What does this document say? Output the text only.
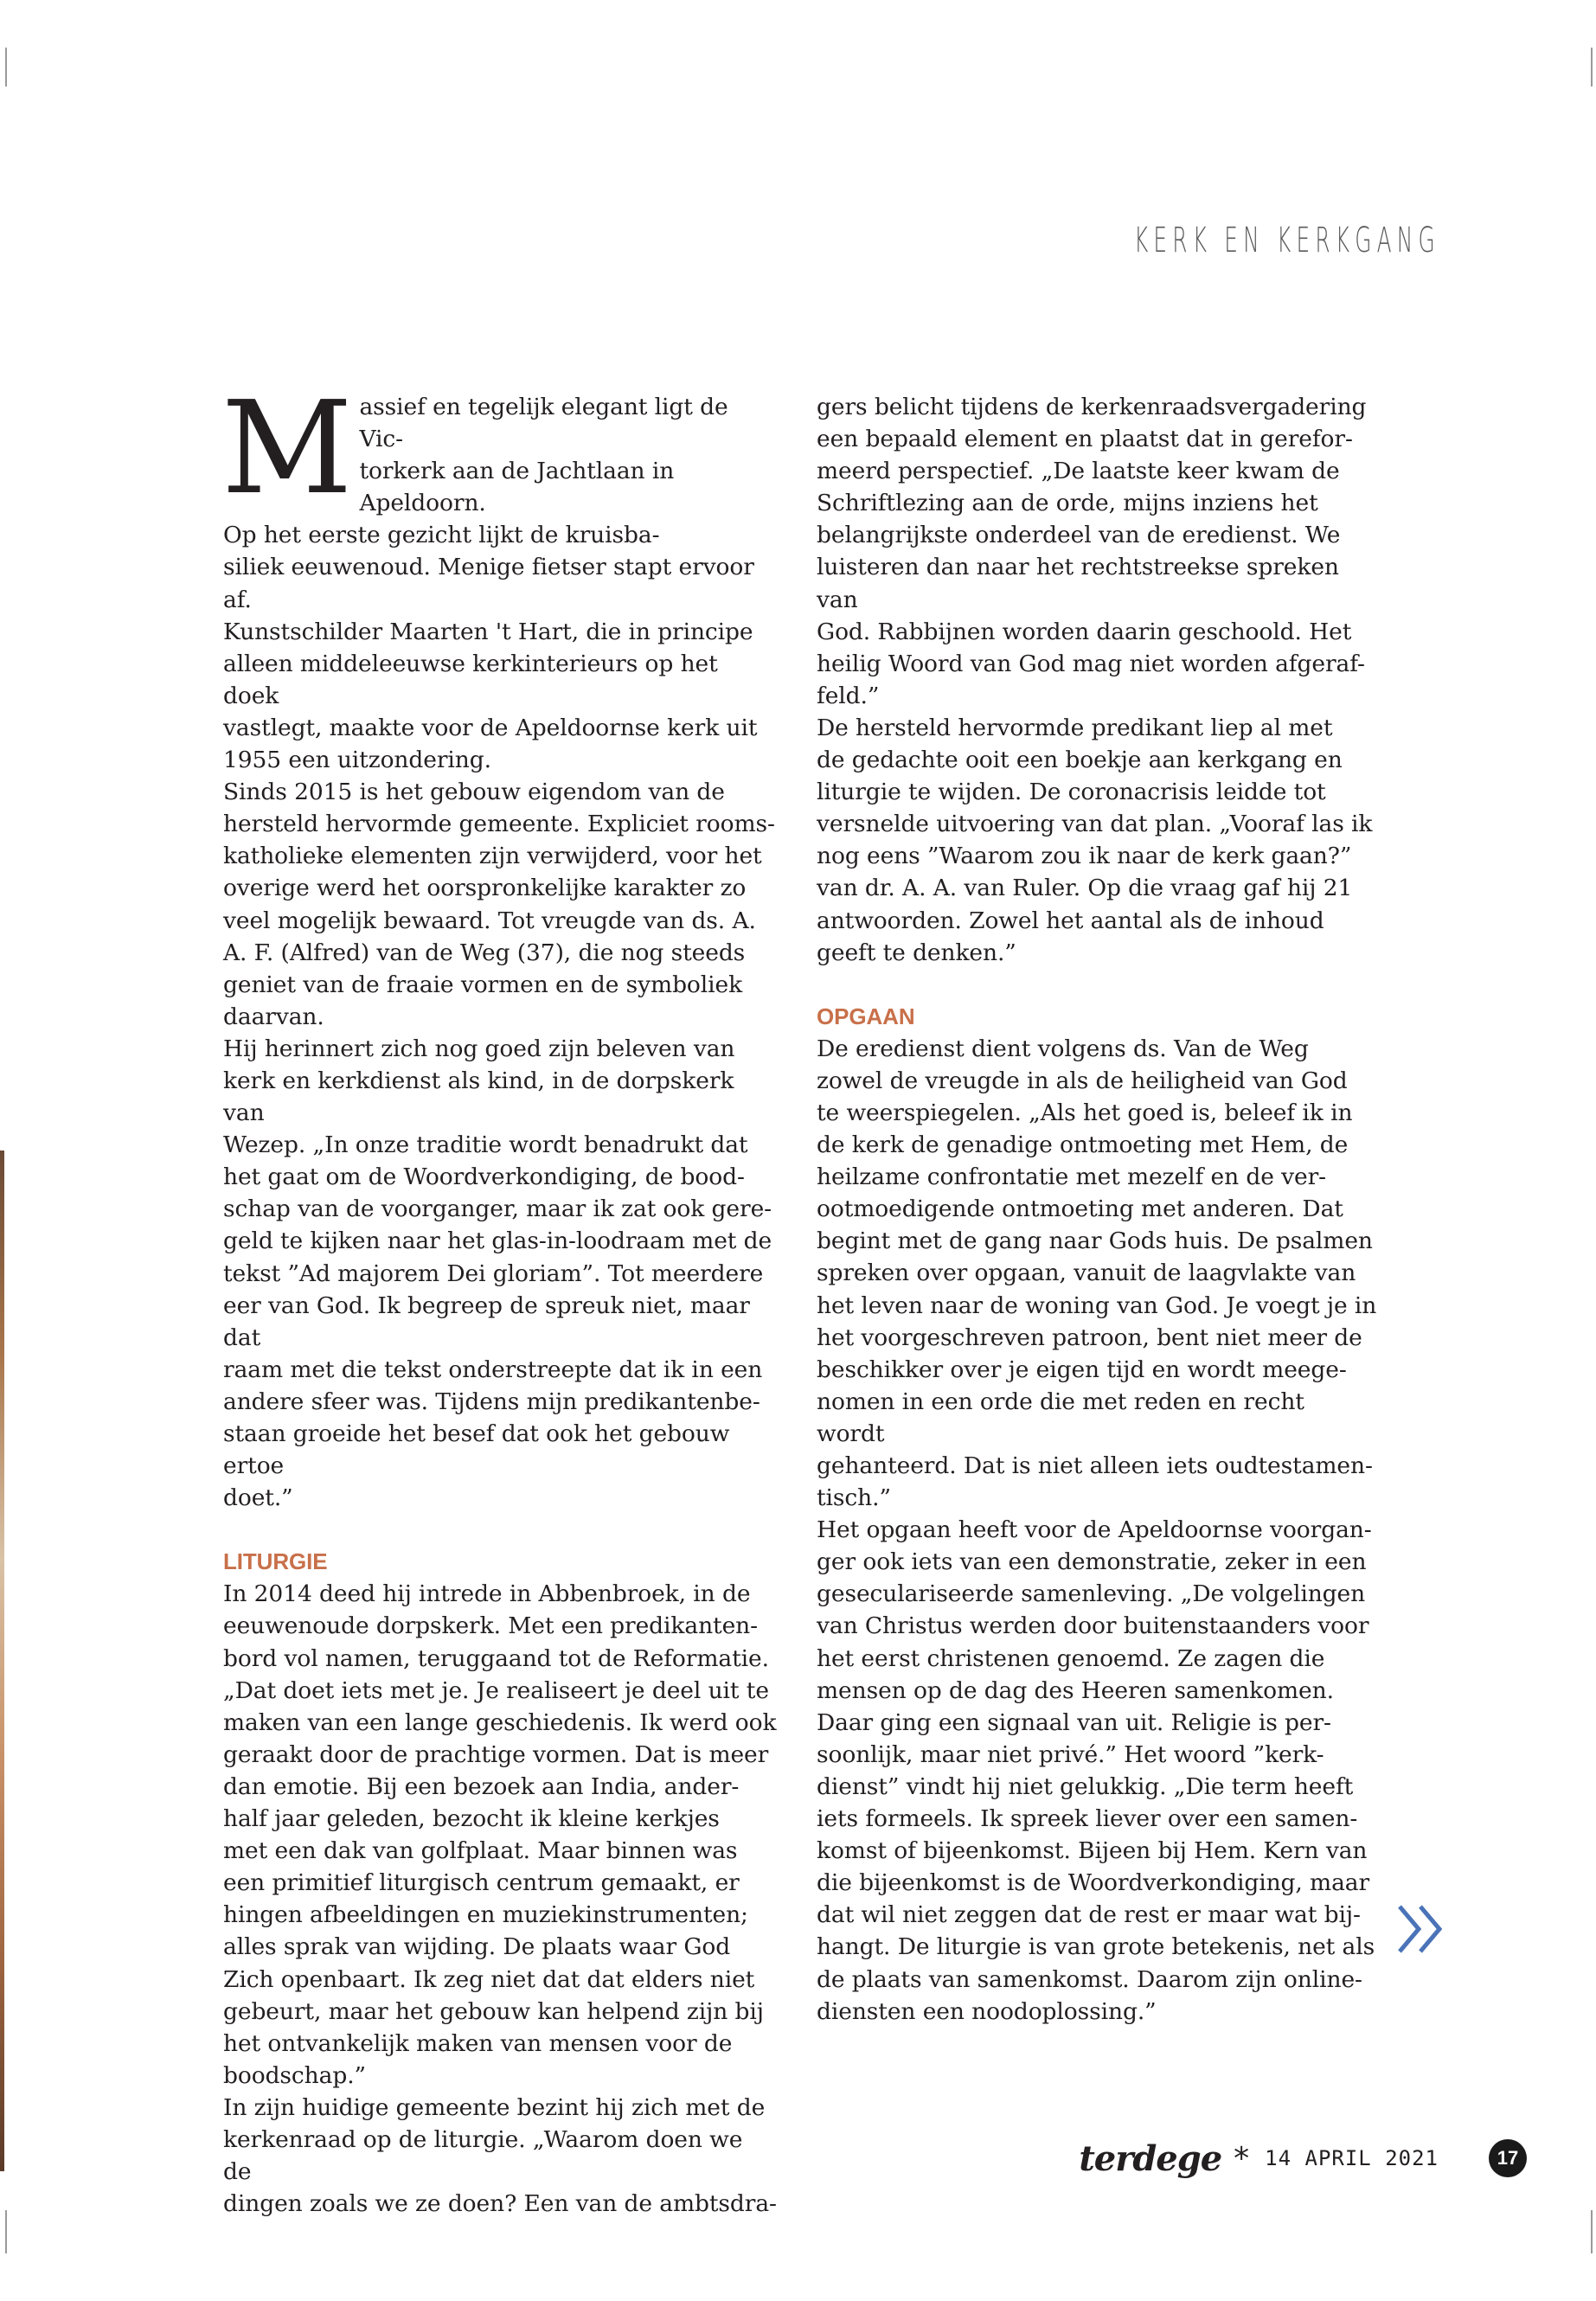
KERK EN KERKGANG

Massief en tegelijk elegant ligt de Vic-
torkerk aan de Jachtlaan in Apeldoorn.
Op het eerste gezicht lijkt de kruisba-
siliek eeuwenoud. Menige fietser stapt ervoor af.
Kunstschilder Maarten 't Hart, die in principe
alleen middeleeuwse kerkinterieurs op het doek
vastlegt, maakte voor de Apeldoornse kerk uit
1955 een uitzondering.

Sinds 2015 is het gebouw eigendom van de
hersteld hervormde gemeente. Expliciet rooms-
katholieke elementen zijn verwijderd, voor het
overige werd het oorspronkelijke karakter zo
veel mogelijk bewaard. Tot vreugde van ds. A.
A. F. (Alfred) van de Weg (37), die nog steeds
geniet van de fraaie vormen en de symboliek
daarvan.

Hij herinnert zich nog goed zijn beleven van
kerk en kerkdienst als kind, in de dorpskerk van
Wezep. „In onze traditie wordt benadrukt dat
het gaat om de Woordverkondiging, de bood-
schap van de voorganger, maar ik zat ook gere-
geld te kijken naar het glas-in-loodraam met de
tekst ”Ad majorem Dei gloriam”. Tot meerdere
eer van God. Ik begreep de spreuk niet, maar dat
raam met die tekst onderstreepte dat ik in een
andere sfeer was. Tijdens mijn predikantenbe-
staan groeide het besef dat ook het gebouw ertoe
doet.”

LITURGIE

In 2014 deed hij intrede in Abbenbroek, in de
eeuwenoude dorpskerk. Met een predikanten-
bord vol namen, teruggaand tot de Reformatie.
„Dat doet iets met je. Je realiseert je deel uit te
maken van een lange geschiedenis. Ik werd ook
geraakt door de prachtige vormen. Dat is meer
dan emotie. Bij een bezoek aan India, ander-
half jaar geleden, bezocht ik kleine kerkjes
met een dak van golfplaat. Maar binnen was
een primitief liturgisch centrum gemaakt, er
hingen afbeeldingen en muziekinstrumenten;
alles sprak van wijding. De plaats waar God
Zich openbaart. Ik zeg niet dat dat elders niet
gebeurt, maar het gebouw kan helpend zijn bij
het ontvankelijk maken van mensen voor de
boodschap.”

In zijn huidige gemeente bezint hij zich met de
kerkenraad op de liturgie. „Waarom doen we de
dingen zoals we ze doen? Een van de ambtsdra-

gers belicht tijdens de kerkenraadsvergadering
een bepaald element en plaatst dat in gerefor-
meerd perspectief. „De laatste keer kwam de
Schriftlezing aan de orde, mijns inziens het
belangrijkste onderdeel van de eredienst. We
luisteren dan naar het rechtstreekse spreken van
God. Rabbijnen worden daarin geschoold. Het
heilig Woord van God mag niet worden afgeraf-
feld.”

De hersteld hervormde predikant liep al met
de gedachte ooit een boekje aan kerkgang en
liturgie te wijden. De coronacrisis leidde tot
versnelde uitvoering van dat plan. „Vooraf las ik
nog eens ”Waarom zou ik naar de kerk gaan?”
van dr. A. A. van Ruler. Op die vraag gaf hij 21
antwoorden. Zowel het aantal als de inhoud
geeft te denken.”

OPGAAN

De eredienst dient volgens ds. Van de Weg
zowel de vreugde in als de heiligheid van God
te weerspiegelen. „Als het goed is, beleef ik in
de kerk de genadige ontmoeting met Hem, de
heilzame confrontatie met mezelf en de ver-
ootmoedigende ontmoeting met anderen. Dat
begint met de gang naar Gods huis. De psalmen
spreken over opgaan, vanuit de laagvlakte van
het leven naar de woning van God. Je voegt je in
het voorgeschreven patroon, bent niet meer de
beschikker over je eigen tijd en wordt meege-
nomen in een orde die met reden en recht wordt
gehanteerd. Dat is niet alleen iets oudtestamen-
tisch.”

Het opgaan heeft voor de Apeldoornse voorgan-
ger ook iets van een demonstratie, zeker in een
geseculariseerde samenleving. „De volgelingen
van Christus werden door buitenstaanders voor
het eerst christenen genoemd. Ze zagen die
mensen op de dag des Heeren samenkomen.
Daar ging een signaal van uit. Religie is per-
soonlijk, maar niet privé.” Het woord ”kerk-
dienst” vindt hij niet gelukkig. „Die term heeft
iets formeels. Ik spreek liever over een samen-
komst of bijeenkomst. Bijeen bij Hem. Kern van
die bijeenkomst is de Woordverkondiging, maar
dat wil niet zeggen dat de rest er maar wat bij-
hangt. De liturgie is van grote betekenis, net als
de plaats van samenkomst. Daarom zijn online-
diensten een noodoplossing.”

terdege * 14 APRIL 2021	17
